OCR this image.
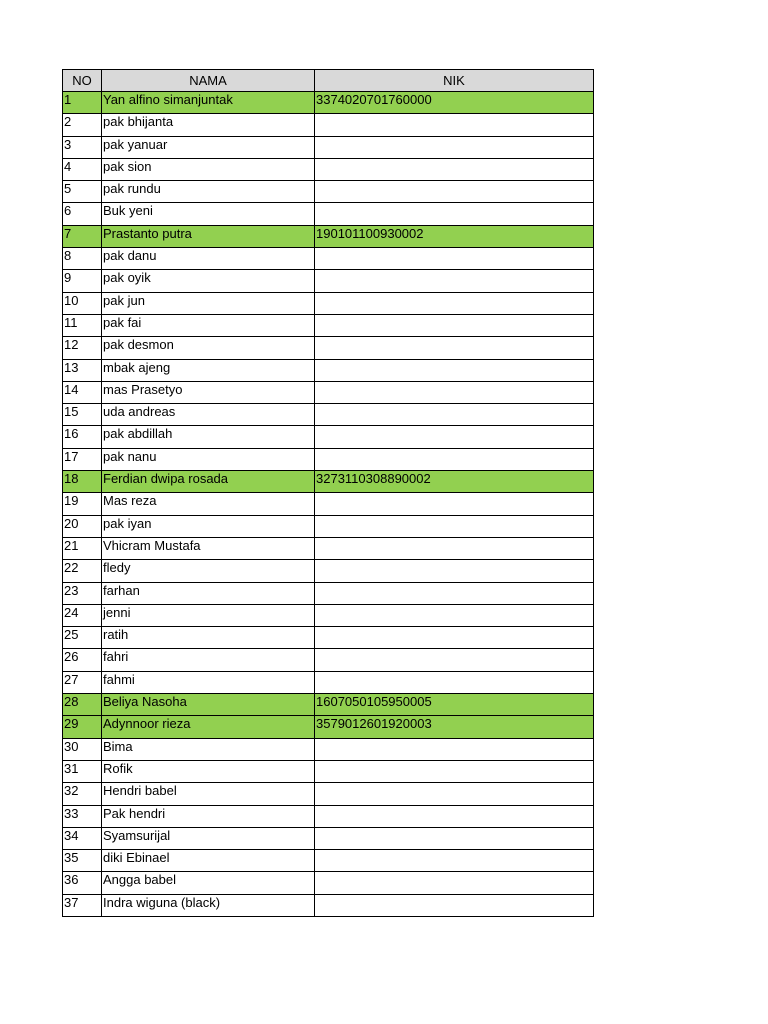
NO	NAMA	NIK
1	Yan alfino simanjuntak	3374020701760000
2	pak bhijanta	
3	pak yanuar	
4	pak sion	
5	pak rundu	
6	Buk yeni	
7	Prastanto putra	190101100930002
8	pak danu	
9	pak oyik	
10	pak jun	
11	pak fai	
12	pak desmon	
13	mbak ajeng	
14	mas Prasetyo	
15	uda andreas	
16	pak abdillah	
17	pak nanu	
18	Ferdian dwipa rosada	3273110308890002
19	Mas reza	
20	pak iyan	
21	Vhicram Mustafa	
22	fledy	
23	farhan	
24	jenni	
25	ratih	
26	fahri	
27	fahmi	
28	Beliya Nasoha	1607050105950005
29	Adynnoor rieza	3579012601920003
30	Bima	
31	Rofik	
32	Hendri babel	
33	Pak hendri	
34	Syamsurijal	
35	diki Ebinael	
36	Angga babel	
37	Indra wiguna (black)	
